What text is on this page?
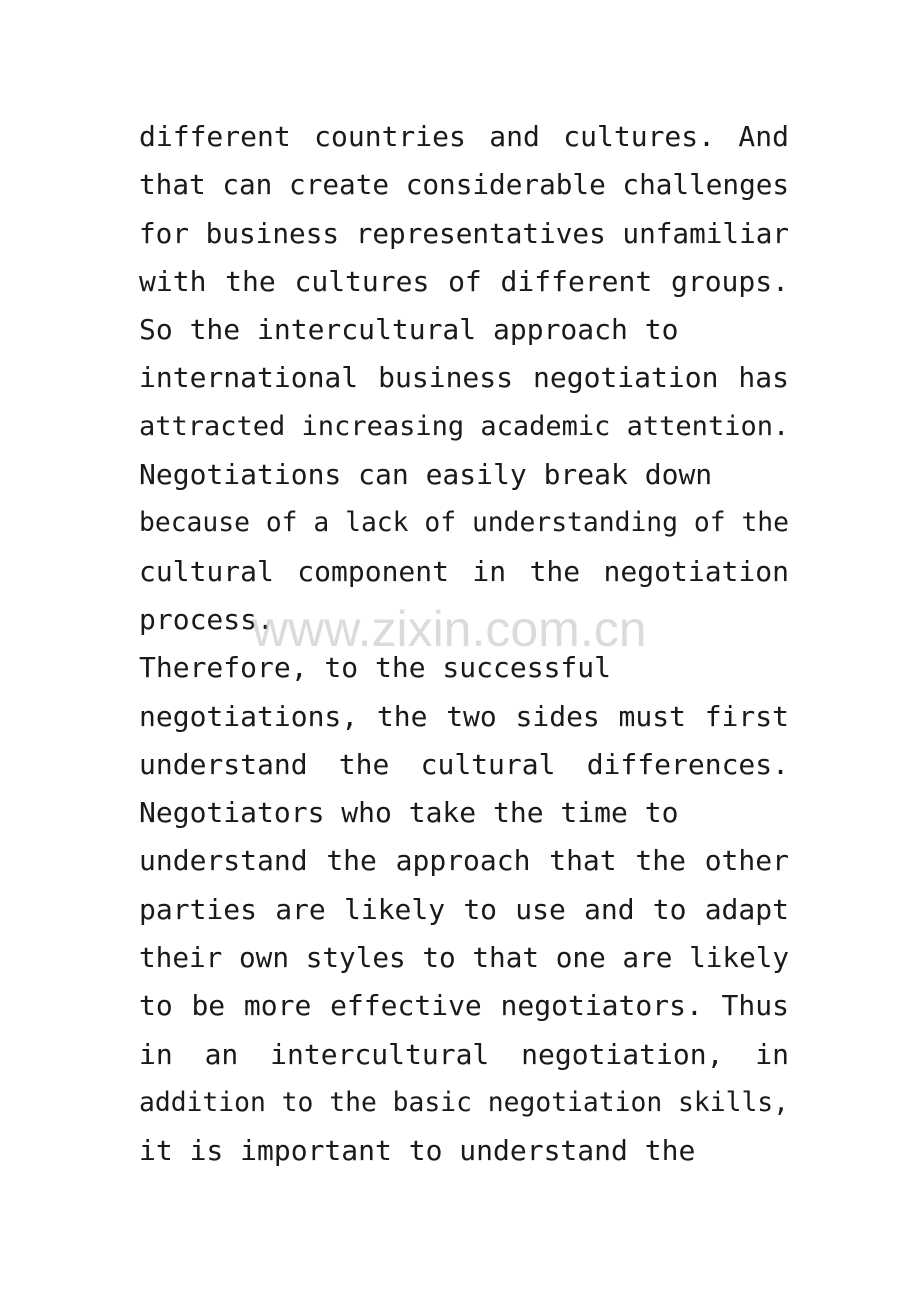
different countries and cultures. And
that can create considerable challenges
for business representatives unfamiliar
with the cultures of different groups.
So the intercultural approach to
international business negotiation has
attracted increasing academic attention.
Negotiations can easily break down
because of a lack of understanding of the
cultural component in the negotiation
process.
Therefore, to the successful
negotiations, the two sides must first
understand the cultural differences.
Negotiators who take the time to
understand the approach that the other
parties are likely to use and to adapt
their own styles to that one are likely
to be more effective negotiators. Thus
in an intercultural negotiation, in
addition to the basic negotiation skills,
it is important to understand the
www.zixin.com.cn
